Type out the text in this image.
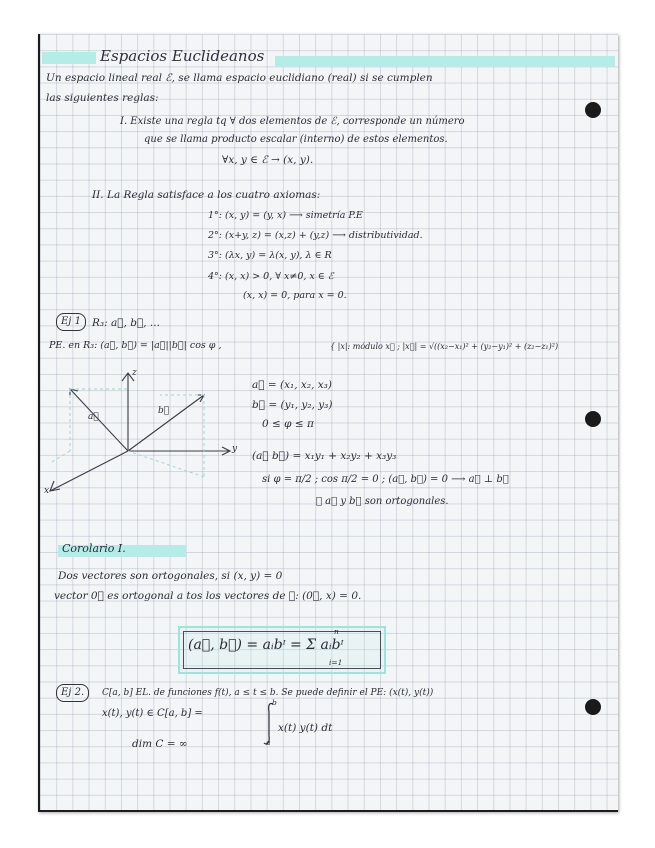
Espacios Euclideanos
Un espacio lineal real ℰ, se llama espacio euclidiano (real) si se cumplen
las siguientes reglas:
I. Existe una regla tq ∀ dos elementos de ℰ, corresponde un número
que se llama producto escalar (interno) de estos elementos.
∀x, y ∈ ℰ → (x, y).
II. La Regla satisface a los cuatro axiomas:
1°: (x, y) = (y, x) ⟶ simetría P.E
2°: (x+y, z) = (x,z) + (y,z) ⟶ distributividad.
3°: (λx, y) = λ(x, y), λ ∈ R
4°: (x, x) > 0, ∀ x≠0, x ∈ ℰ
(x, x) = 0, para x = 0.
Ej 1	R₃: a⃗, b⃗, ...
PE. en R₃: (a⃗, b⃗) = |a⃗||b⃗| cos φ ,	{ |x|: módulo x⃗ ; |x⃗| = √((x₂−x₁)² + (y₂−y₁)² + (z₂−z₁)²)
z
y
x
a⃗
b⃗
a⃗ = (x₁, x₂, x₃)
b⃗ = (y₁, y₂, y₃)
0 ≤ φ ≤ π
(a⃗ b⃗) = x₁y₁ + x₂y₂ + x₃y₃
si φ = π/2 ; cos π/2 = 0 ; (a⃗, b⃗) = 0 ⟶ a⃗ ⊥ b⃗
∴ a⃗ y b⃗ son ortogonales.
Corolario I.
Dos vectores son ortogonales, si (x, y) = 0
vector 0⃗ es ortogonal a tos los vectores de ℰ: (0⃗, x) = 0.
(a⃗, b⃗) = aᵢbᶦ = Σ aᵢbᶦ
n
i=1
Ej 2.	C[a, b] EL. de funciones f(t), a ≤ t ≤ b. Se puede definir el PE: (x(t), y(t))
x(t), y(t) ∈ C[a, b] =
b
a
x(t) y(t) dt
dim C = ∞
